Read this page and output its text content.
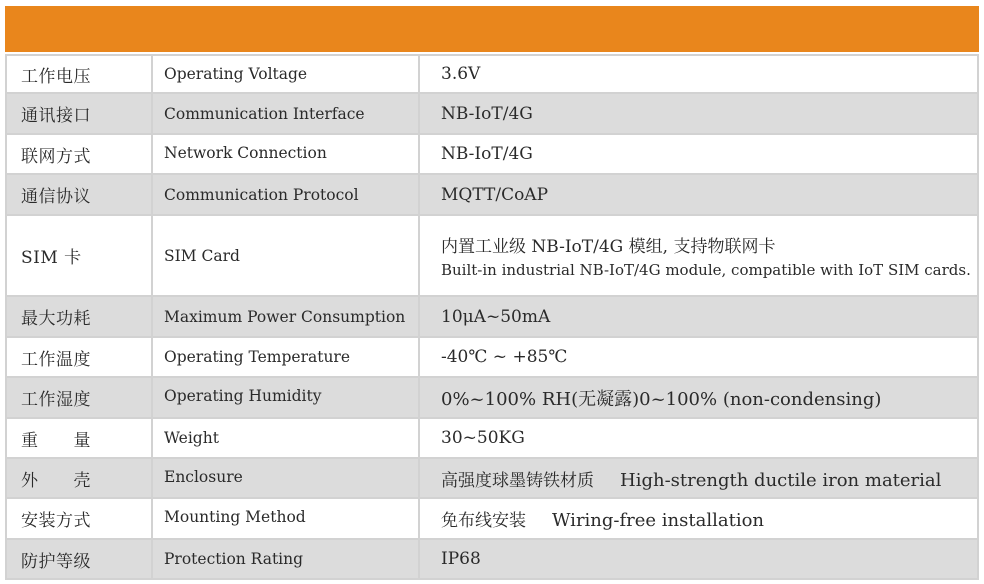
工作电压	Operating Voltage	3.6V
通讯接口	Communication Interface	NB-IoT/4G
联网方式	Network Connection	NB-IoT/4G
通信协议	Communication Protocol	MQTT/CoAP
SIM 卡	SIM Card	内置工业级 NB-IoT/4G 模组, 支持物联网卡
Built-in industrial NB-IoT/4G module, compatible with IoT SIM cards.

最大功耗	Maximum Power Consumption	10μA~50mA
工作温度	Operating Temperature	-40℃ ~ +85℃
工作湿度	Operating Humidity	0%~100% RH(无凝露)0~100% (non-condensing)
重　　量	Weight	30~50KG
外　　壳	Enclosure	高强度球墨铸铁材质 High-strength ductile iron material
安装方式	Mounting Method	免布线安装 Wiring-free installation
防护等级	Protection Rating	IP68
